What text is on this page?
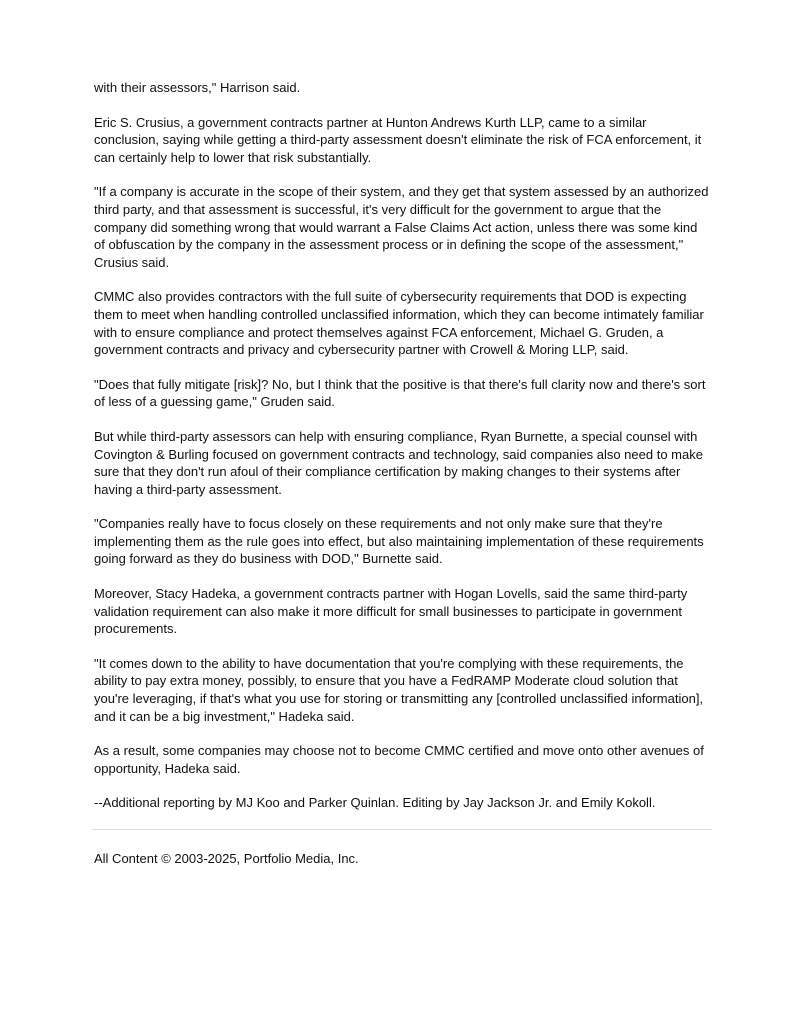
with their assessors," Harrison said.

Eric S. Crusius, a government contracts partner at Hunton Andrews Kurth LLP, came to a similar conclusion, saying while getting a third-party assessment doesn't eliminate the risk of FCA enforcement, it can certainly help to lower that risk substantially.

"If a company is accurate in the scope of their system, and they get that system assessed by an authorized third party, and that assessment is successful, it's very difficult for the government to argue that the company did something wrong that would warrant a False Claims Act action, unless there was some kind of obfuscation by the company in the assessment process or in defining the scope of the assessment," Crusius said.

CMMC also provides contractors with the full suite of cybersecurity requirements that DOD is expecting them to meet when handling controlled unclassified information, which they can become intimately familiar with to ensure compliance and protect themselves against FCA enforcement, Michael G. Gruden, a government contracts and privacy and cybersecurity partner with Crowell & Moring LLP, said.

"Does that fully mitigate [risk]? No, but I think that the positive is that there's full clarity now and there's sort of less of a guessing game," Gruden said.

But while third-party assessors can help with ensuring compliance, Ryan Burnette, a special counsel with Covington & Burling focused on government contracts and technology, said companies also need to make sure that they don't run afoul of their compliance certification by making changes to their systems after having a third-party assessment.

"Companies really have to focus closely on these requirements and not only make sure that they're implementing them as the rule goes into effect, but also maintaining implementation of these requirements going forward as they do business with DOD," Burnette said.

Moreover, Stacy Hadeka, a government contracts partner with Hogan Lovells, said the same third-party validation requirement can also make it more difficult for small businesses to participate in government procurements.

"It comes down to the ability to have documentation that you're complying with these requirements, the ability to pay extra money, possibly, to ensure that you have a FedRAMP Moderate cloud solution that you're leveraging, if that's what you use for storing or transmitting any [controlled unclassified information], and it can be a big investment," Hadeka said.

As a result, some companies may choose not to become CMMC certified and move onto other avenues of opportunity, Hadeka said.

--Additional reporting by MJ Koo and Parker Quinlan. Editing by Jay Jackson Jr. and Emily Kokoll.

All Content © 2003-2025, Portfolio Media, Inc.
